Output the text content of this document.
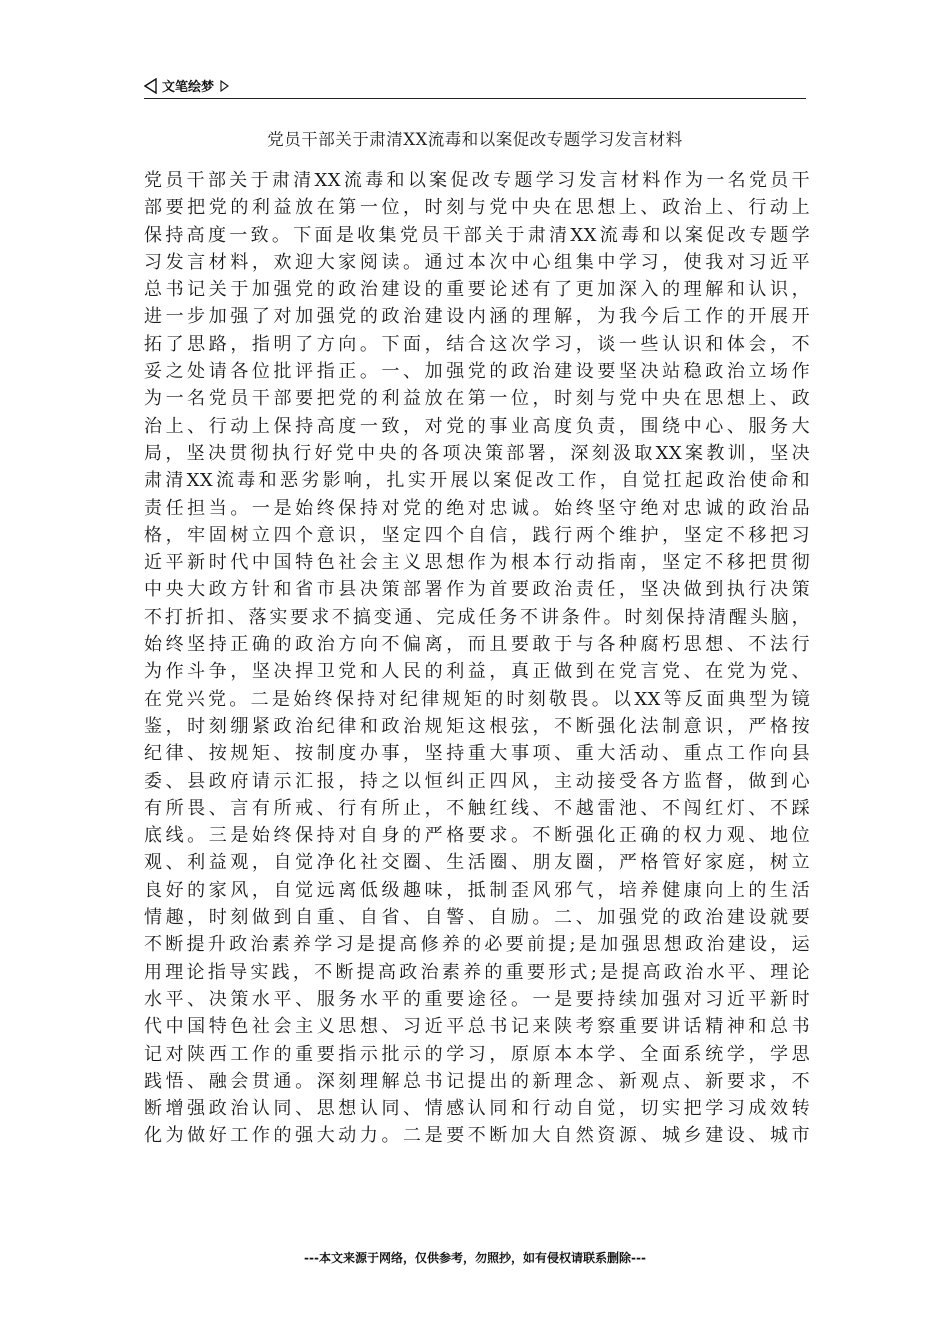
文笔绘梦
党员干部关于肃清XX流毒和以案促改专题学习发言材料
党员干部关于肃清XX流毒和以案促改专题学习发言材料作为一名党员干
部要把党的利益放在第一位，时刻与党中央在思想上、政治上、行动上
保持高度一致。下面是收集党员干部关于肃清XX流毒和以案促改专题学
习发言材料，欢迎大家阅读。通过本次中心组集中学习，使我对习近平
总书记关于加强党的政治建设的重要论述有了更加深入的理解和认识，
进一步加强了对加强党的政治建设内涵的理解，为我今后工作的开展开
拓了思路，指明了方向。下面，结合这次学习，谈一些认识和体会，不
妥之处请各位批评指正。一、加强党的政治建设要坚决站稳政治立场作
为一名党员干部要把党的利益放在第一位，时刻与党中央在思想上、政
治上、行动上保持高度一致，对党的事业高度负责，围绕中心、服务大
局，坚决贯彻执行好党中央的各项决策部署，深刻汲取XX案教训，坚决
肃清XX流毒和恶劣影响，扎实开展以案促改工作，自觉扛起政治使命和
责任担当。一是始终保持对党的绝对忠诚。始终坚守绝对忠诚的政治品
格，牢固树立四个意识，坚定四个自信，践行两个维护，坚定不移把习
近平新时代中国特色社会主义思想作为根本行动指南，坚定不移把贯彻
中央大政方针和省市县决策部署作为首要政治责任，坚决做到执行决策
不打折扣、落实要求不搞变通、完成任务不讲条件。时刻保持清醒头脑，
始终坚持正确的政治方向不偏离，而且要敢于与各种腐朽思想、不法行
为作斗争，坚决捍卫党和人民的利益，真正做到在党言党、在党为党、
在党兴党。二是始终保持对纪律规矩的时刻敬畏。以XX等反面典型为镜
鉴，时刻绷紧政治纪律和政治规矩这根弦，不断强化法制意识，严格按
纪律、按规矩、按制度办事，坚持重大事项、重大活动、重点工作向县
委、县政府请示汇报，持之以恒纠正四风，主动接受各方监督，做到心
有所畏、言有所戒、行有所止，不触红线、不越雷池、不闯红灯、不踩
底线。三是始终保持对自身的严格要求。不断强化正确的权力观、地位
观、利益观，自觉净化社交圈、生活圈、朋友圈，严格管好家庭，树立
良好的家风，自觉远离低级趣味，抵制歪风邪气，培养健康向上的生活
情趣，时刻做到自重、自省、自警、自励。二、加强党的政治建设就要
不断提升政治素养学习是提高修养的必要前提;是加强思想政治建设，运
用理论指导实践，不断提高政治素养的重要形式;是提高政治水平、理论
水平、决策水平、服务水平的重要途径。一是要持续加强对习近平新时
代中国特色社会主义思想、习近平总书记来陕考察重要讲话精神和总书
记对陕西工作的重要指示批示的学习，原原本本学、全面系统学，学思
践悟、融会贯通。深刻理解总书记提出的新理念、新观点、新要求，不
断增强政治认同、思想认同、情感认同和行动自觉，切实把学习成效转
化为做好工作的强大动力。二是要不断加大自然资源、城乡建设、城市
---本文来源于网络，仅供参考，勿照抄，如有侵权请联系删除---
